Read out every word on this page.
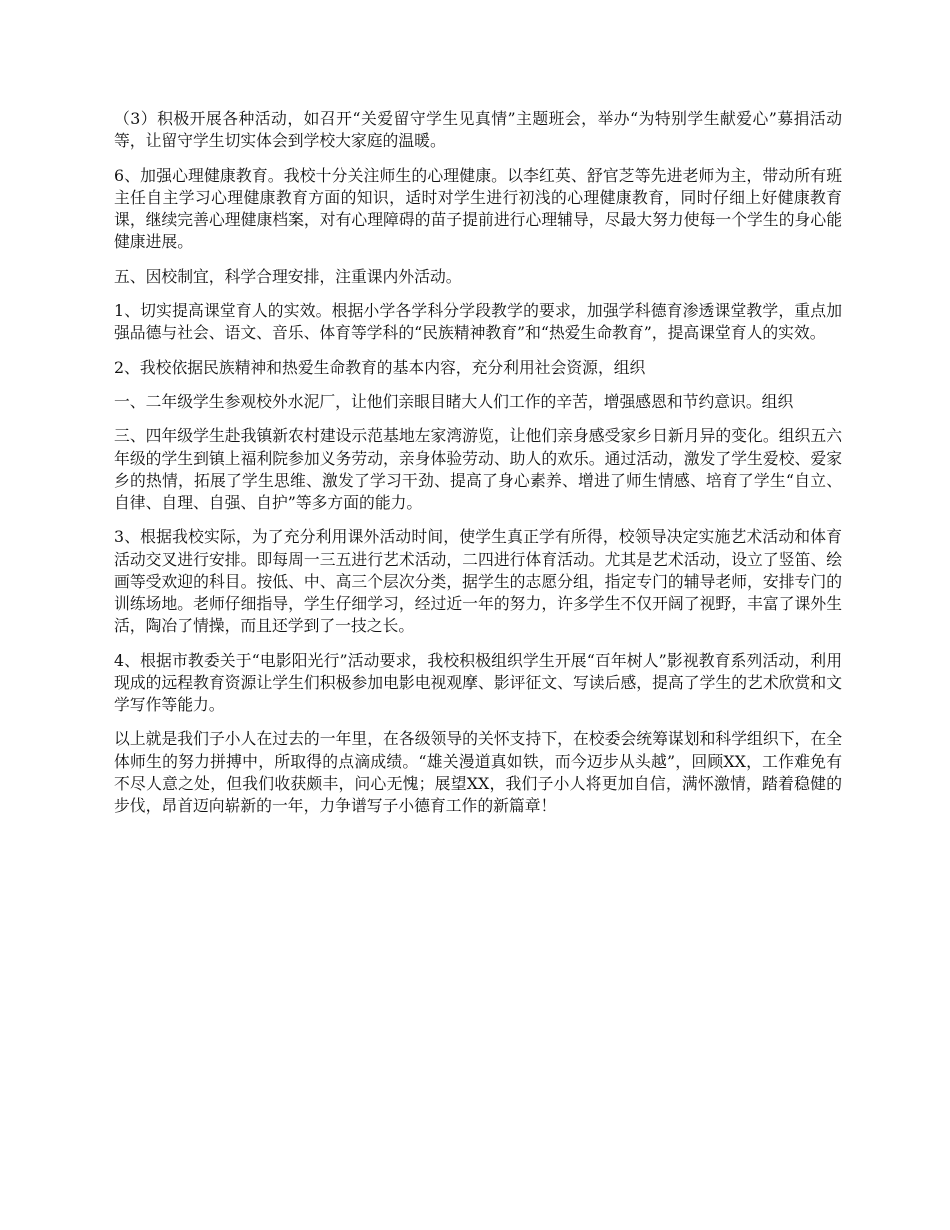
（3）积极开展各种活动，如召开“关爱留守学生见真情”主题班会，举办“为特别学生献爱心”募捐活动等，让留守学生切实体会到学校大家庭的温暖。

6、加强心理健康教育。我校十分关注师生的心理健康。以李红英、舒官芝等先进老师为主，带动所有班主任自主学习心理健康教育方面的知识，适时对学生进行初浅的心理健康教育，同时仔细上好健康教育课，继续完善心理健康档案，对有心理障碍的苗子提前进行心理辅导，尽最大努力使每一个学生的身心能健康进展。

五、因校制宜，科学合理安排，注重课内外活动。

1、切实提高课堂育人的实效。根据小学各学科分学段教学的要求，加强学科德育渗透课堂教学，重点加强品德与社会、语文、音乐、体育等学科的“民族精神教育”和“热爱生命教育”，提高课堂育人的实效。

2、我校依据民族精神和热爱生命教育的基本内容，充分利用社会资源，组织

一、二年级学生参观校外水泥厂，让他们亲眼目睹大人们工作的辛苦，增强感恩和节约意识。组织

三、四年级学生赴我镇新农村建设示范基地左家湾游览，让他们亲身感受家乡日新月异的变化。组织五六年级的学生到镇上福利院参加义务劳动，亲身体验劳动、助人的欢乐。通过活动，激发了学生爱校、爱家乡的热情，拓展了学生思维、激发了学习干劲、提高了身心素养、增进了师生情感、培育了学生“自立、自律、自理、自强、自护”等多方面的能力。

3、根据我校实际，为了充分利用课外活动时间，使学生真正学有所得，校领导决定实施艺术活动和体育活动交叉进行安排。即每周一三五进行艺术活动，二四进行体育活动。尤其是艺术活动，设立了竖笛、绘画等受欢迎的科目。按低、中、高三个层次分类，据学生的志愿分组，指定专门的辅导老师，安排专门的训练场地。老师仔细指导，学生仔细学习，经过近一年的努力，许多学生不仅开阔了视野，丰富了课外生活，陶冶了情操，而且还学到了一技之长。

4、根据市教委关于“电影阳光行”活动要求，我校积极组织学生开展“百年树人”影视教育系列活动，利用现成的远程教育资源让学生们积极参加电影电视观摩、影评征文、写读后感，提高了学生的艺术欣赏和文学写作等能力。

以上就是我们子小人在过去的一年里，在各级领导的关怀支持下，在校委会统筹谋划和科学组织下，在全体师生的努力拼搏中，所取得的点滴成绩。“雄关漫道真如铁，而今迈步从头越”，回顾XX，工作难免有不尽人意之处，但我们收获颇丰，问心无愧；展望XX，我们子小人将更加自信，满怀激情，踏着稳健的步伐，昂首迈向崭新的一年，力争谱写子小德育工作的新篇章！
